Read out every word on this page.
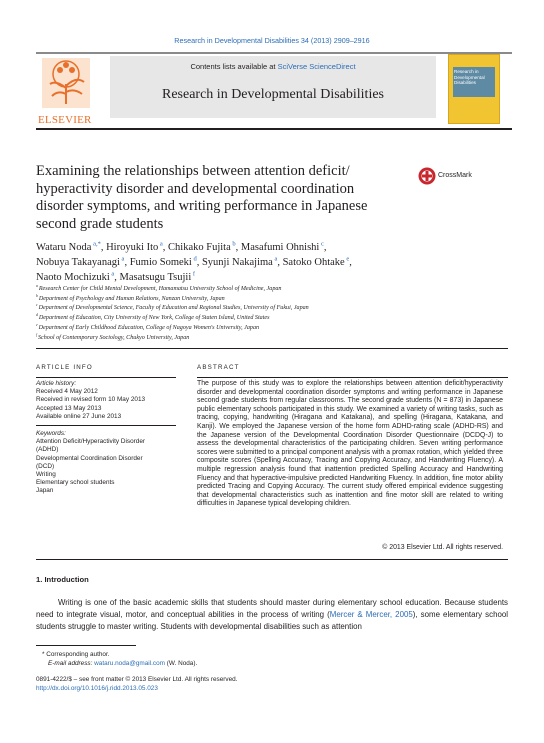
Research in Developmental Disabilities 34 (2013) 2909–2916
ELSEVIER
Contents lists available at SciVerse ScienceDirect
Research in Developmental Disabilities
Research in Developmental Disabilities
Examining the relationships between attention deficit/ hyperactivity disorder and developmental coordination disorder symptoms, and writing performance in Japanese second grade students
CrossMark
Wataru Noda $^{a,*}$, Hiroyuki Ito $^a$, Chikako Fujita $^b$, Masafumi Ohnishi $^c$,
Nobuya Takayanagi $^a$, Fumio Someki $^d$, Syunji Nakajima $^a$, Satoko Ohtake $^e$,
Naoto Mochizuki $^a$, Masatsugu Tsujii $^f$
$^a$ Research Center for Child Mental Development, Hamamatsu University School of Medicine, Japan
$^b$ Department of Psychology and Human Relations, Nanzan University, Japan
$^c$ Department of Developmental Science, Faculty of Education and Regional Studies, University of Fukui, Japan
$^d$ Department of Education, City University of New York, College of Staten Island, United States
$^e$ Department of Early Childhood Education, College of Nagoya Women's University, Japan
$^f$ School of Contemporary Sociology, Chukyo University, Japan
ARTICLE INFO
Article history:
Received 4 May 2012
Received in revised form 10 May 2013
Accepted 13 May 2013
Available online 27 June 2013
Keywords:
Attention Deficit/Hyperactivity Disorder
(ADHD)
Developmental Coordination Disorder
(DCD)
Writing
Elementary school students
Japan
ABSTRACT
The purpose of this study was to explore the relationships between attention deficit/hyperactivity disorder and developmental coordination disorder symptoms and writing performance in Japanese second grade students from regular classrooms. The second grade students (N = 873) in Japanese public elementary schools participated in this study. We examined a variety of writing tasks, such as tracing, copying, handwriting (Hiragana and Katakana), and spelling (Hiragana, Katakana, and Kanji). We employed the Japanese version of the home form ADHD-rating scale (ADHD-RS) and the Japanese version of the Developmental Coordination Disorder Questionnaire (DCDQ-J) to assess the developmental characteristics of the participating children. Seven writing performance scores were submitted to a principal component analysis with a promax rotation, which yielded three composite scores (Spelling Accuracy, Tracing and Copying Accuracy, and Handwriting Fluency). A multiple regression analysis found that inattention predicted Spelling Accuracy and Handwriting Fluency and that hyperactive-impulsive predicted Handwriting Fluency. In addition, fine motor ability predicted Tracing and Copying Accuracy. The current study offered empirical evidence suggesting that developmental characteristics such as inattention and fine motor skill are related to writing difficulties in Japanese typical developing children.
© 2013 Elsevier Ltd. All rights reserved.
1. Introduction
Writing is one of the basic academic skills that students should master during elementary school education. Because students need to integrate visual, motor, and conceptual abilities in the process of writing (Mercer & Mercer, 2005), some elementary school students struggle to master writing. Students with developmental disabilities such as attention
* Corresponding author.
E-mail address: wataru.noda@gmail.com (W. Noda).
0891-4222/$ – see front matter © 2013 Elsevier Ltd. All rights reserved.
http://dx.doi.org/10.1016/j.ridd.2013.05.023
